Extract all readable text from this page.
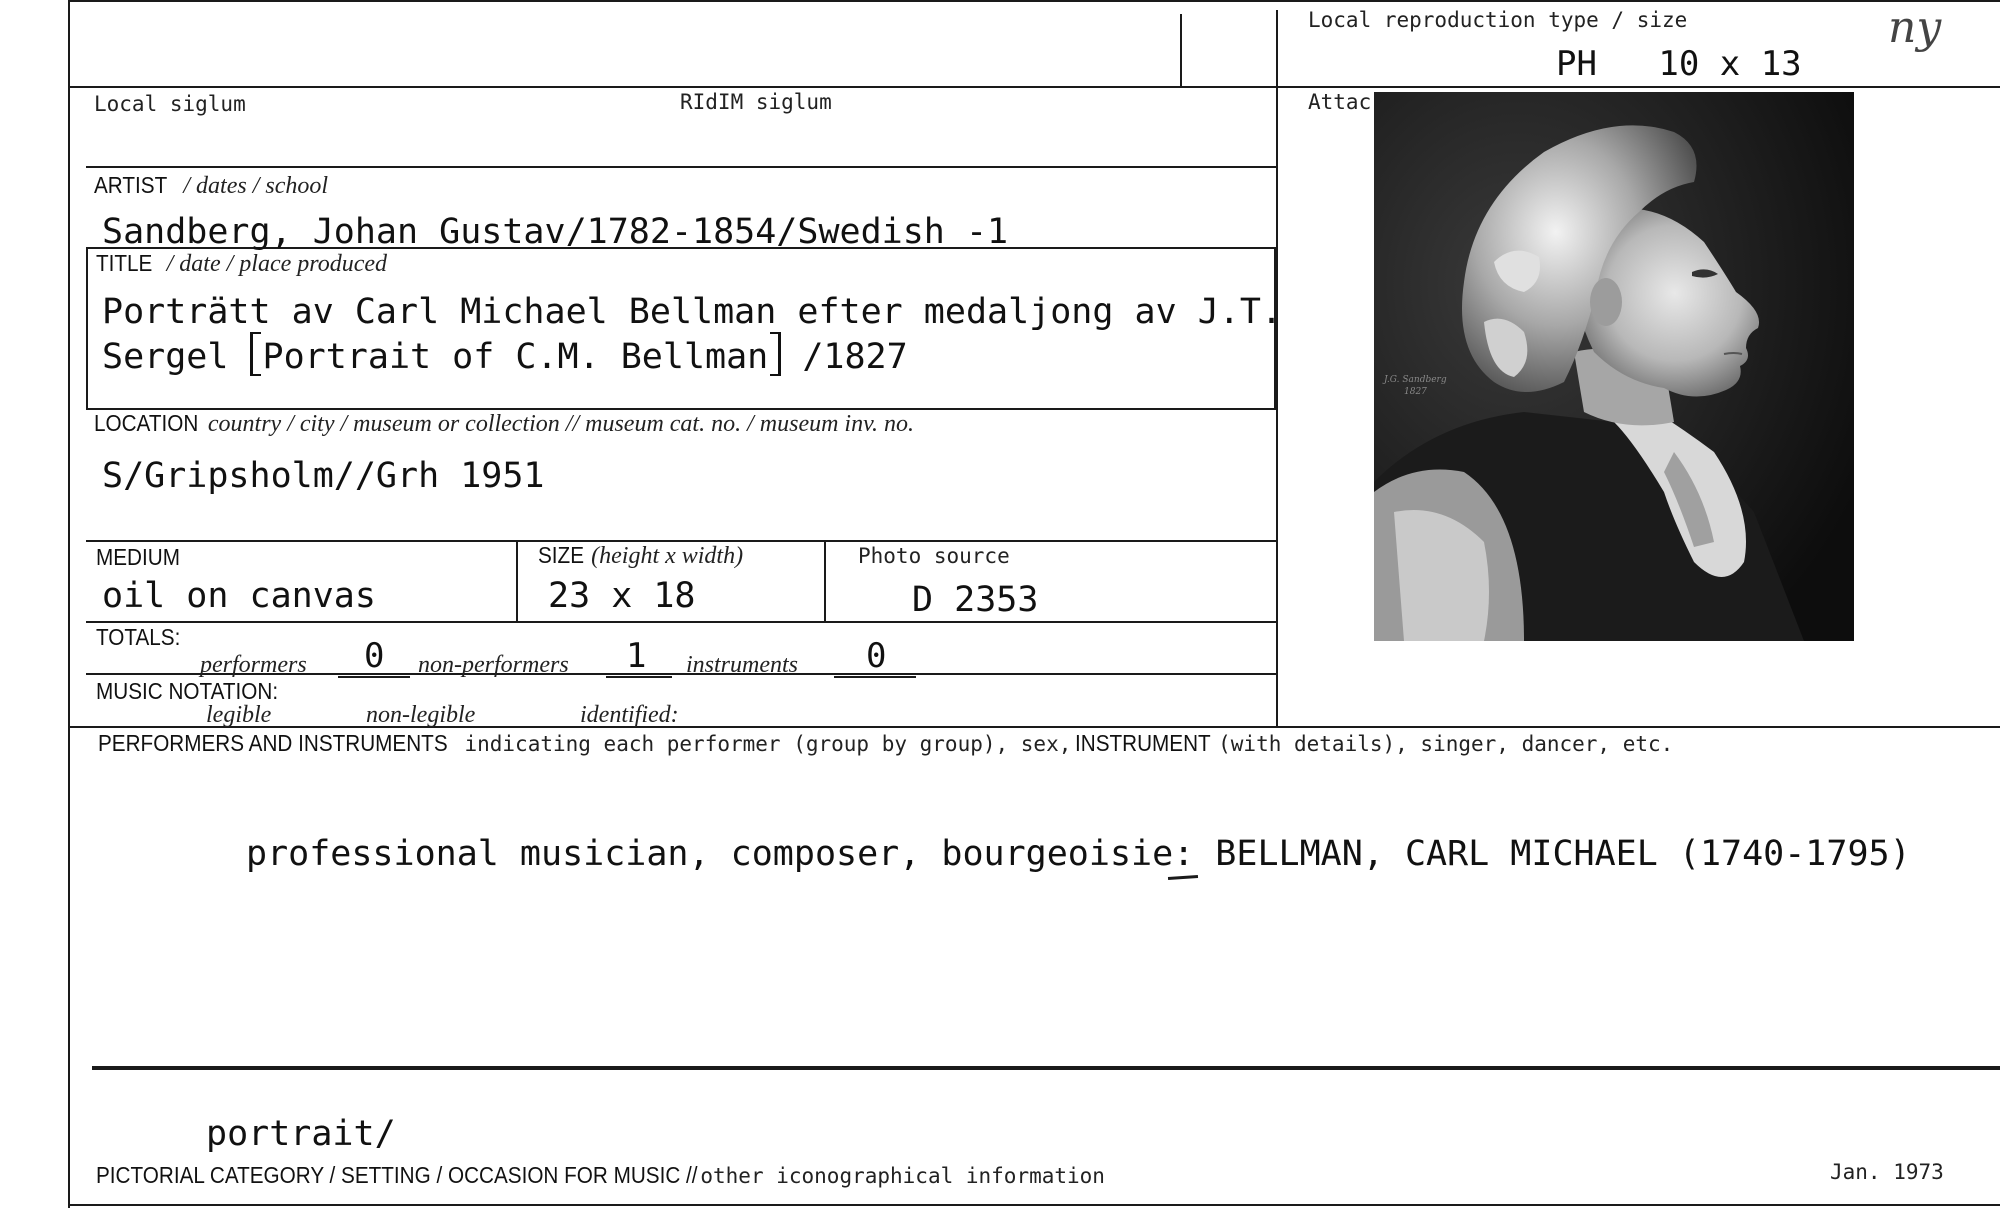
Local reproduction type / size
PH   10 x 13
ny
Local siglum	RIdIM siglum	Attac
ARTIST / dates / school
Sandberg, Johan Gustav/1782-1854/Swedish -1
TITLE / date / place produced
Porträtt av Carl Michael Bellman efter medaljong av J.T.
Sergel Portrait of C.M. Bellman /1827
LOCATION country / city / museum or collection // museum cat. no. / museum inv. no.
S/Gripsholm//Grh 1951
MEDIUM
oil on canvas
SIZE (height x width)
23 x 18
Photo source
D 2353
TOTALS:
performers 0 non-performers 1 instruments 0
MUSIC NOTATION:
legible	non-legible	identified:
PERFORMERS AND INSTRUMENTS indicating each performer (group by group), sex, INSTRUMENT (with details), singer, dancer, etc.
professional musician, composer, bourgeoisie: BELLMAN, CARL MICHAEL (1740-1795)
portrait/
PICTORIAL CATEGORY / SETTING / OCCASION FOR MUSIC // other iconographical information	Jan. 1973
J.G. Sandberg
1827
